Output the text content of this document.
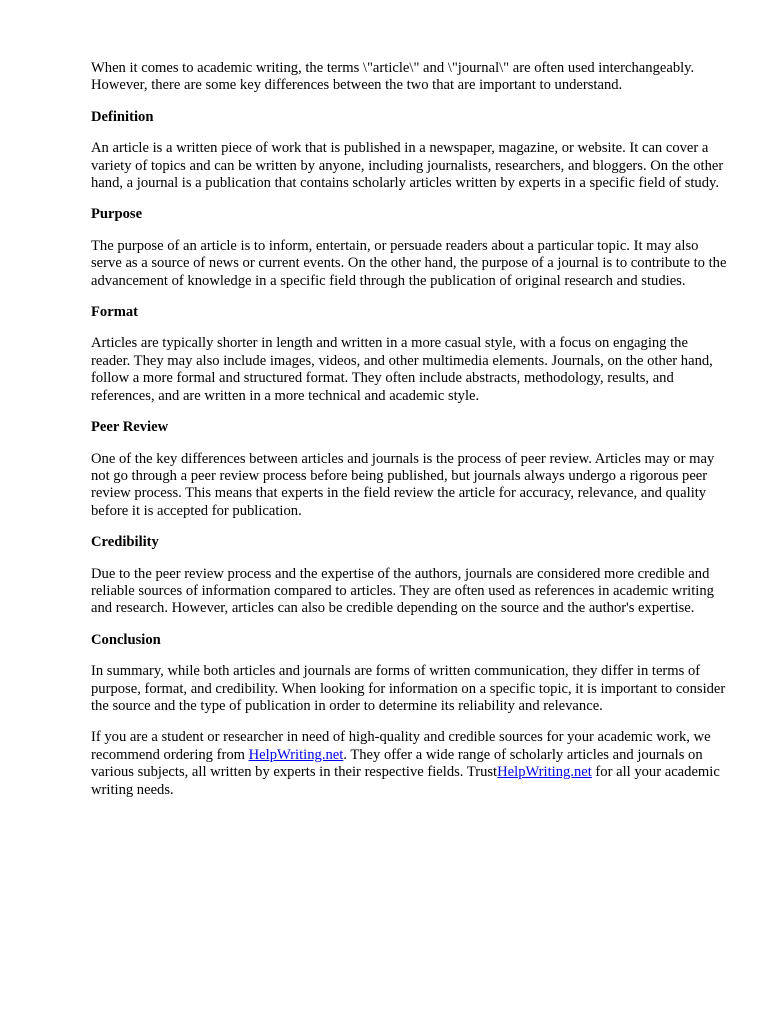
When it comes to academic writing, the terms \"article\" and \"journal\" are often used interchangeably. However, there are some key differences between the two that are important to understand.

Definition

An article is a written piece of work that is published in a newspaper, magazine, or website. It can cover a variety of topics and can be written by anyone, including journalists, researchers, and bloggers. On the other hand, a journal is a publication that contains scholarly articles written by experts in a specific field of study.

Purpose

The purpose of an article is to inform, entertain, or persuade readers about a particular topic. It may also serve as a source of news or current events. On the other hand, the purpose of a journal is to contribute to the advancement of knowledge in a specific field through the publication of original research and studies.

Format

Articles are typically shorter in length and written in a more casual style, with a focus on engaging the reader. They may also include images, videos, and other multimedia elements. Journals, on the other hand, follow a more formal and structured format. They often include abstracts, methodology, results, and references, and are written in a more technical and academic style.

Peer Review

One of the key differences between articles and journals is the process of peer review. Articles may or may not go through a peer review process before being published, but journals always undergo a rigorous peer review process. This means that experts in the field review the article for accuracy, relevance, and quality before it is accepted for publication.

Credibility

Due to the peer review process and the expertise of the authors, journals are considered more credible and reliable sources of information compared to articles. They are often used as references in academic writing and research. However, articles can also be credible depending on the source and the author's expertise.

Conclusion

In summary, while both articles and journals are forms of written communication, they differ in terms of purpose, format, and credibility. When looking for information on a specific topic, it is important to consider the source and the type of publication in order to determine its reliability and relevance.

If you are a student or researcher in need of high-quality and credible sources for your academic work, we recommend ordering from HelpWriting.net. They offer a wide range of scholarly articles and journals on various subjects, all written by experts in their respective fields. TrustHelpWriting.net for all your academic writing needs.
